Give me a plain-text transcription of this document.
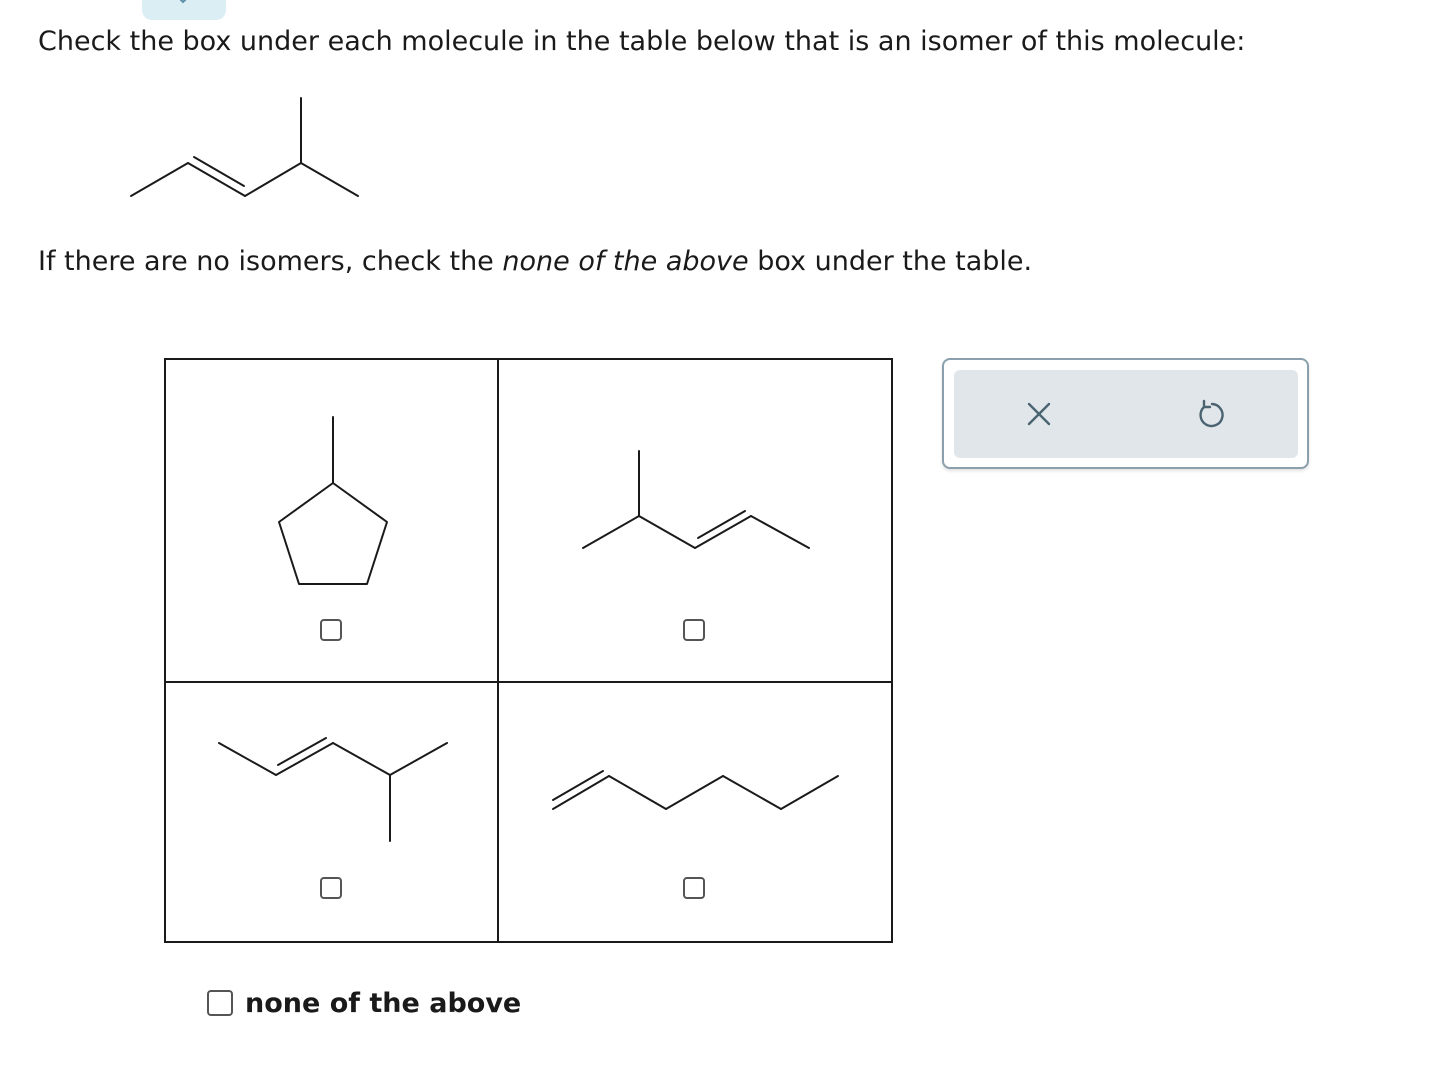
Check the box under each molecule in the table below that is an isomer of this molecule:
If there are no isomers, check the none of the above box under the table.
none of the above
